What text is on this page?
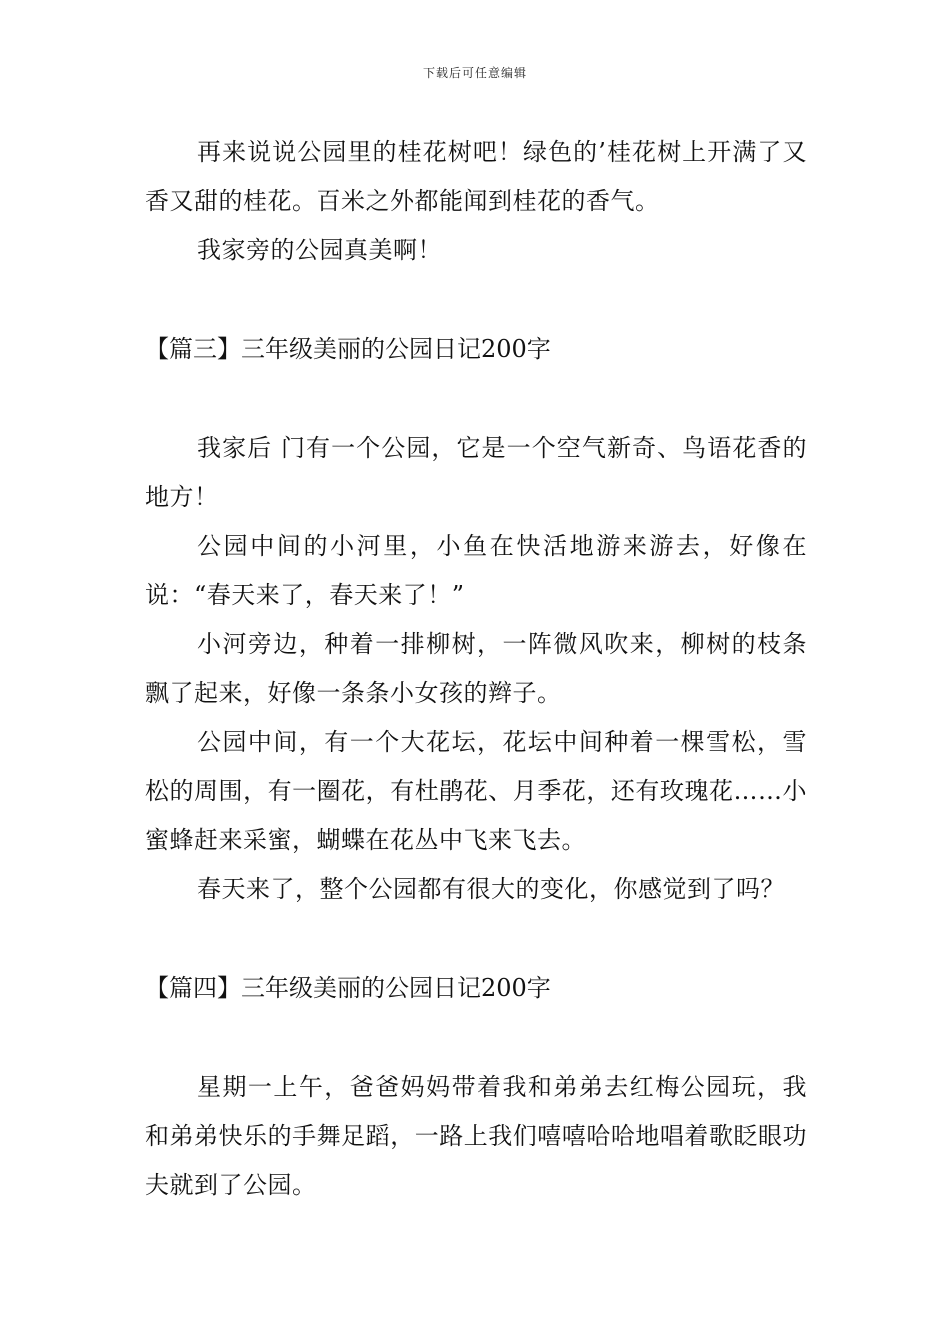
下载后可任意编辑

再来说说公园里的桂花树吧！绿色的’桂花树上开满了又香又甜的桂花。百米之外都能闻到桂花的香气。

我家旁的公园真美啊！

【篇三】三年级美丽的公园日记200字

我家后 门有一个公园，它是一个空气新奇、鸟语花香的地方！

公园中间的小河里，小鱼在快活地游来游去，好像在说：“春天来了，春天来了！”

小河旁边，种着一排柳树，一阵微风吹来，柳树的枝条飘了起来，好像一条条小女孩的辫子。

公园中间，有一个大花坛，花坛中间种着一棵雪松，雪松的周围，有一圈花，有杜鹃花、月季花，还有玫瑰花……小蜜蜂赶来采蜜，蝴蝶在花丛中飞来飞去。

春天来了，整个公园都有很大的变化，你感觉到了吗？

【篇四】三年级美丽的公园日记200字

星期一上午，爸爸妈妈带着我和弟弟去红梅公园玩，我和弟弟快乐的手舞足蹈，一路上我们嘻嘻哈哈地唱着歌眨眼功夫就到了公园。
